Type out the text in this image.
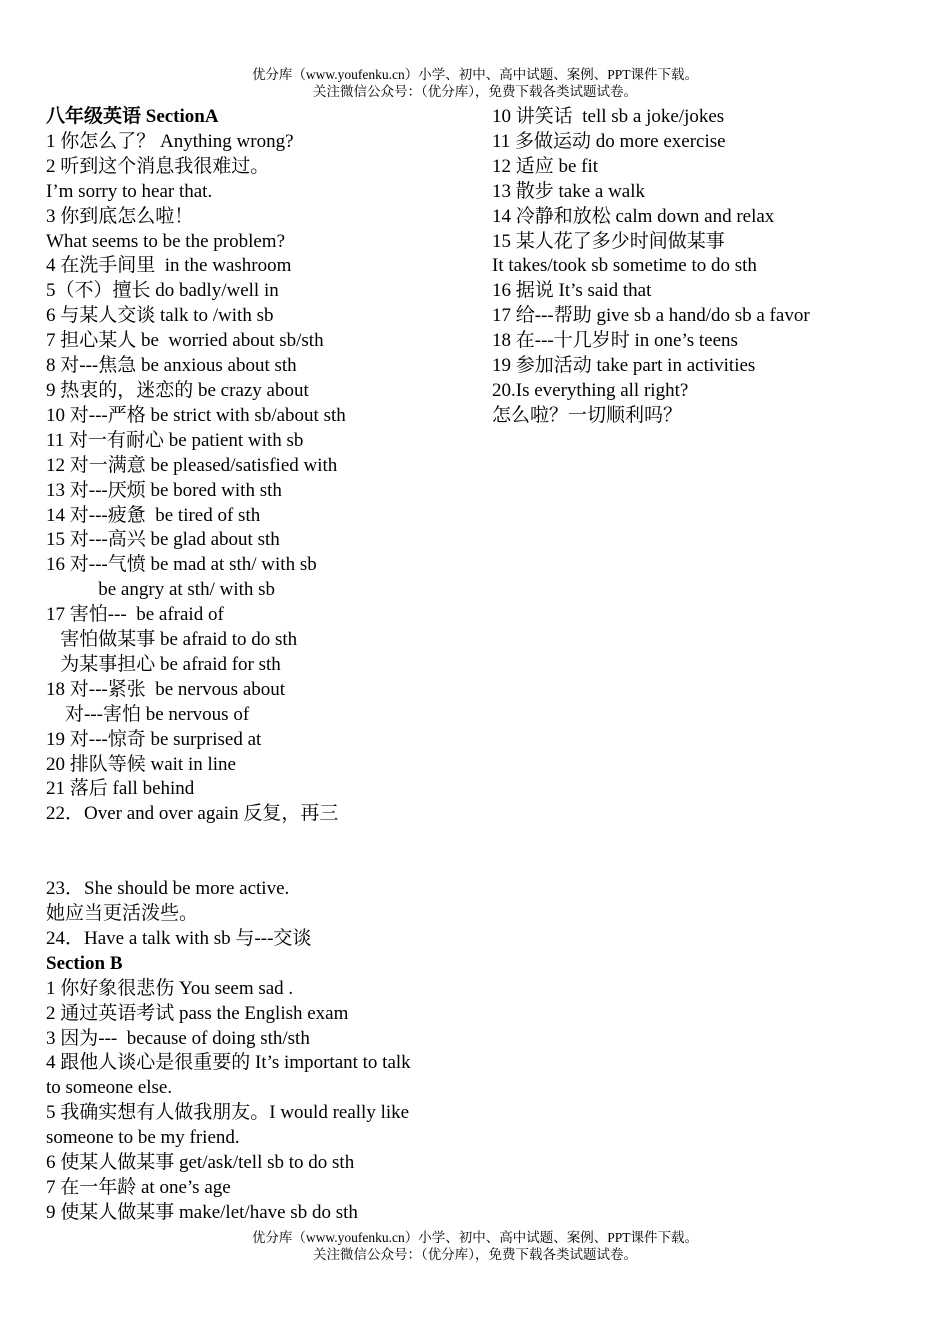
优分库（www.youfenku.cn）小学、初中、高中试题、案例、PPT课件下载。
关注微信公众号：（优分库），免费下载各类试题试卷。
八年级英语 SectionA
1 你怎么了？ Anything wrong?
2 听到这个消息我很难过。
I’m sorry to hear that.
3 你到底怎么啦！
What seems to be the problem?
4 在洗手间里  in the washroom
5（不）擅长 do badly/well in
6 与某人交谈 talk to /with sb
7 担心某人 be  worried about sb/sth
8 对---焦急 be anxious about sth
9 热衷的，迷恋的 be crazy about
10 对---严格 be strict with sb/about sth
11 对一有耐心 be patient with sb
12 对一满意 be pleased/satisfied with
13 对---厌烦 be bored with sth
14 对---疲惫  be tired of sth
15 对---高兴 be glad about sth
16 对---气愤 be mad at sth/ with sb
be angry at sth/ with sb
17 害怕---  be afraid of
害怕做某事 be afraid to do sth
为某事担心 be afraid for sth
18 对---紧张  be nervous about
对---害怕 be nervous of
19 对---惊奇 be surprised at
20 排队等候 wait in line
21 落后 fall behind
22．Over and over again 反复，再三
23．She should be more active.
她应当更活泼些。
24．Have a talk with sb 与---交谈
Section B
1 你好象很悲伤 You seem sad .
2 通过英语考试 pass the English exam
3 因为---  because of doing sth/sth
4 跟他人谈心是很重要的 It’s important to talk
to someone else.
5 我确实想有人做我朋友。I would really like
someone to be my friend.
6 使某人做某事 get/ask/tell sb to do sth
7 在一年龄 at one’s age
9 使某人做某事 make/let/have sb do sth
10 讲笑话  tell sb a joke/jokes
11 多做运动 do more exercise
12 适应 be fit
13 散步 take a walk
14 冷静和放松 calm down and relax
15 某人花了多少时间做某事
It takes/took sb sometime to do sth
16 据说 It’s said that
17 给---帮助 give sb a hand/do sb a favor
18 在---十几岁时 in one’s teens
19 参加活动 take part in activities
20.Is everything all right?
怎么啦？一切顺利吗？
优分库（www.youfenku.cn）小学、初中、高中试题、案例、PPT课件下载。
关注微信公众号：（优分库），免费下载各类试题试卷。
